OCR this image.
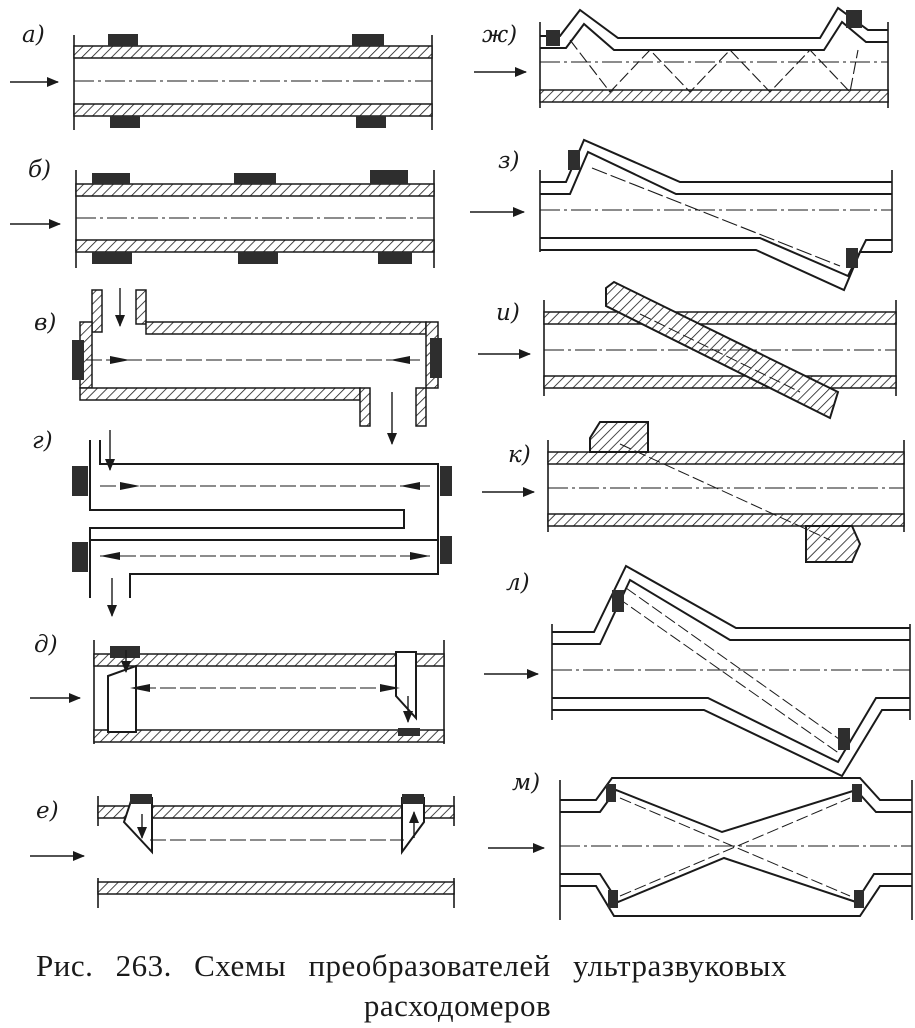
а)
б)
в)
г)
д)
е)
ж)
з)
и)
к)
л)
м)
Рис. 263. Схемы преобразователей ультразвуковых
расходомеров
